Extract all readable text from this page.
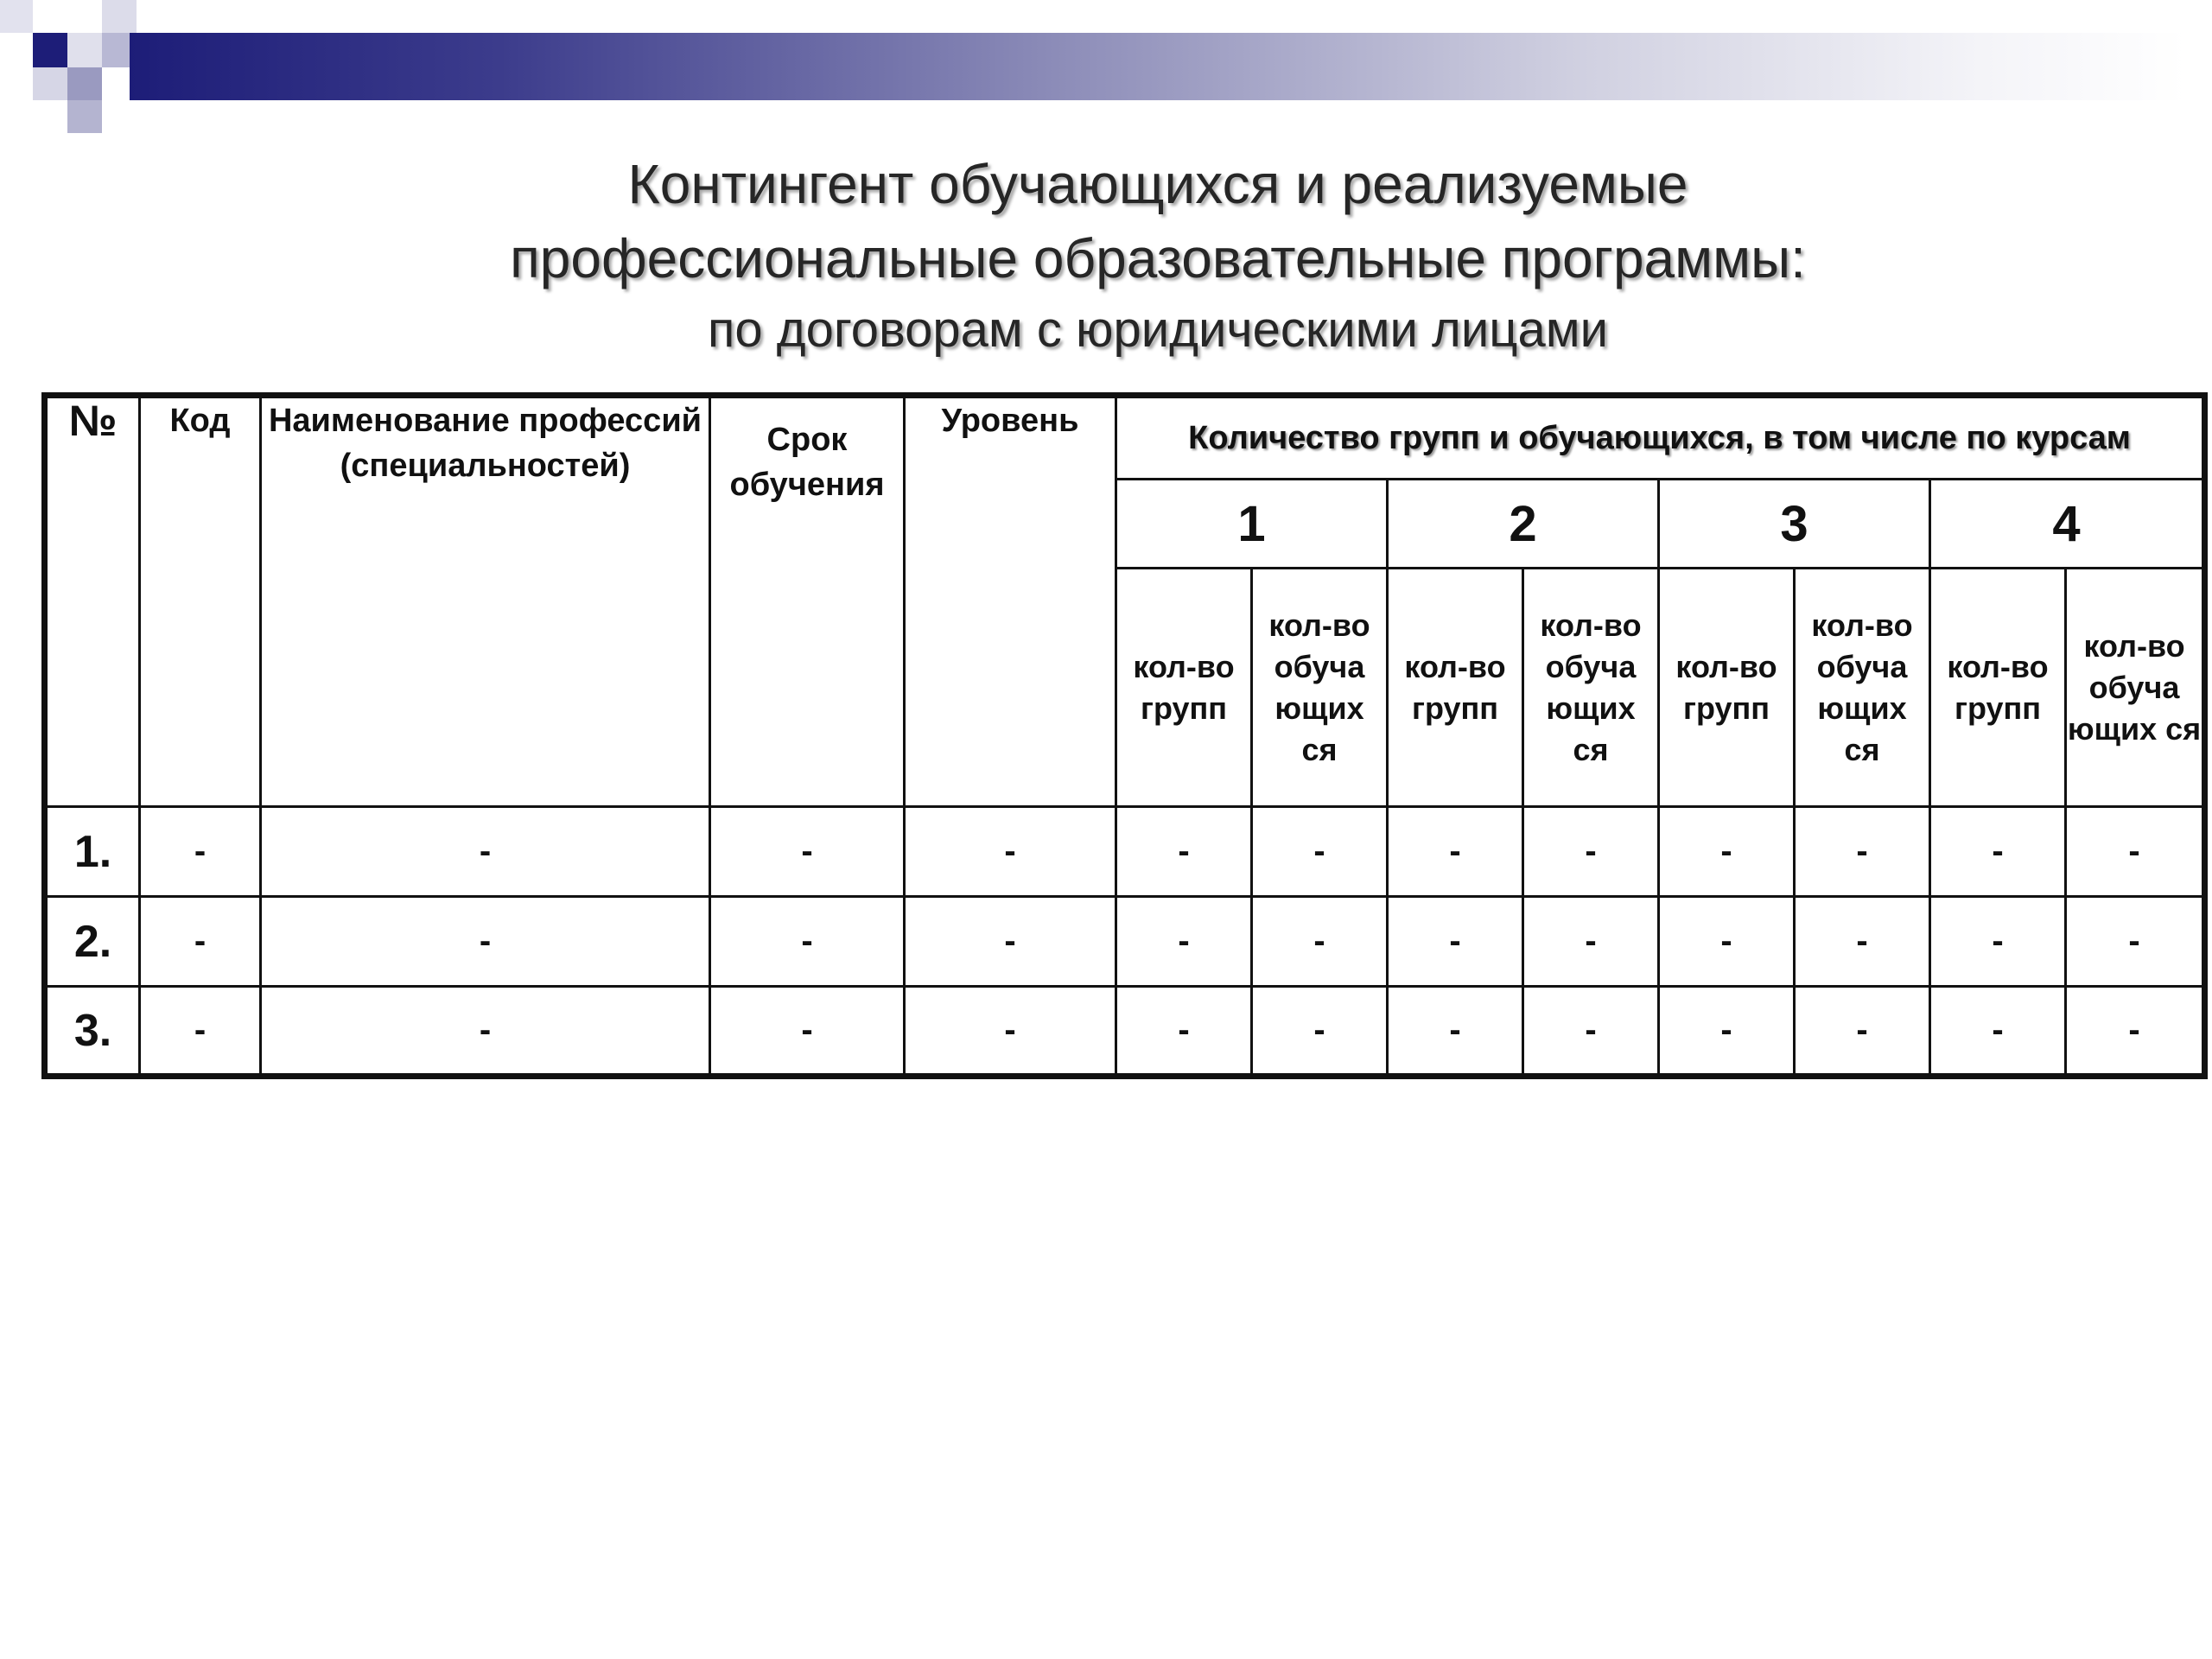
Контингент обучающихся и реализуемые
профессиональные образовательные программы:
по договорам с юридическими лицами
№	Код	Наименование профессий (специальностей)	Срок обучения	Уровень	Количество групп и обучающихся, в том числе по курсам							
					1		2		3		4	
					кол-во групп	кол-во обуча ющих ся	кол-во групп	кол-во обуча ющих ся	кол-во групп	кол-во обуча ющих ся	кол-во групп	кол-во обуча ющих ся
1.	-	-	-	-	-	-	-	-	-	-	-	-
2.	-	-	-	-	-	-	-	-	-	-	-	-
3.	-	-	-	-	-	-	-	-	-	-	-	-
